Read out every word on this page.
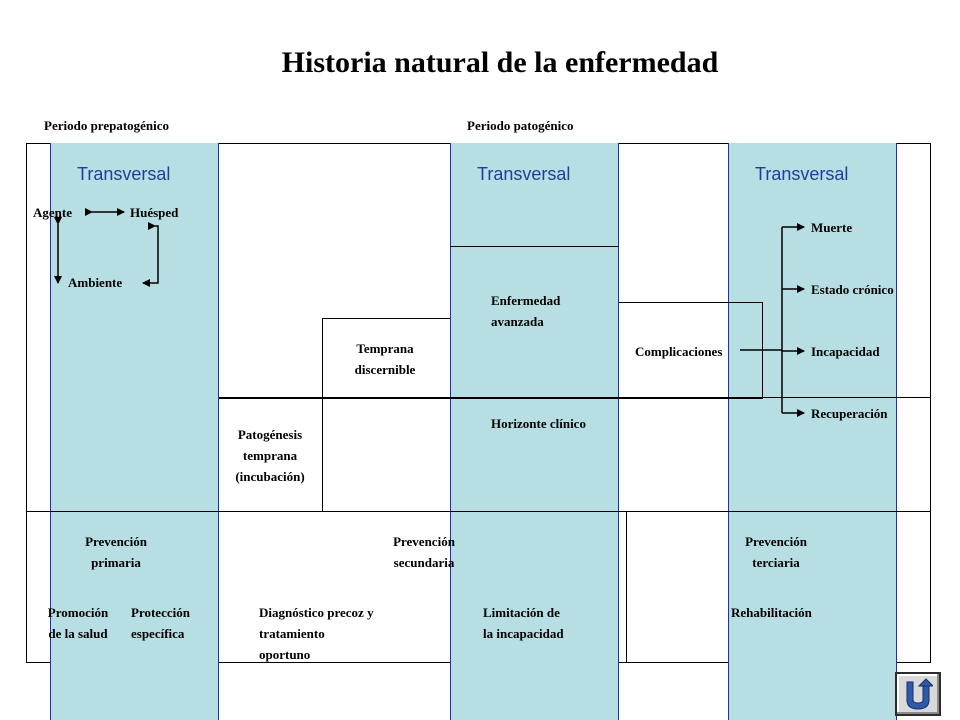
Historia natural de la enfermedad
Periodo prepatogénico	Periodo patogénico
Transversal	Transversal	Transversal
Agente	Huésped
Ambiente
Patogénesis
temprana
(incubación)
Temprana
discernible
Enfermedad
avanzada
Complicaciones
Horizonte clínico
Muerte
Estado crónico
Incapacidad
Recuperación
Prevención
primaria
Prevención
secundaria
Prevención
terciaria
Promoción
de la salud
Protección
específica
Diagnóstico precoz y
tratamiento
oportuno
Limitación de
la incapacidad
Rehabilitación
